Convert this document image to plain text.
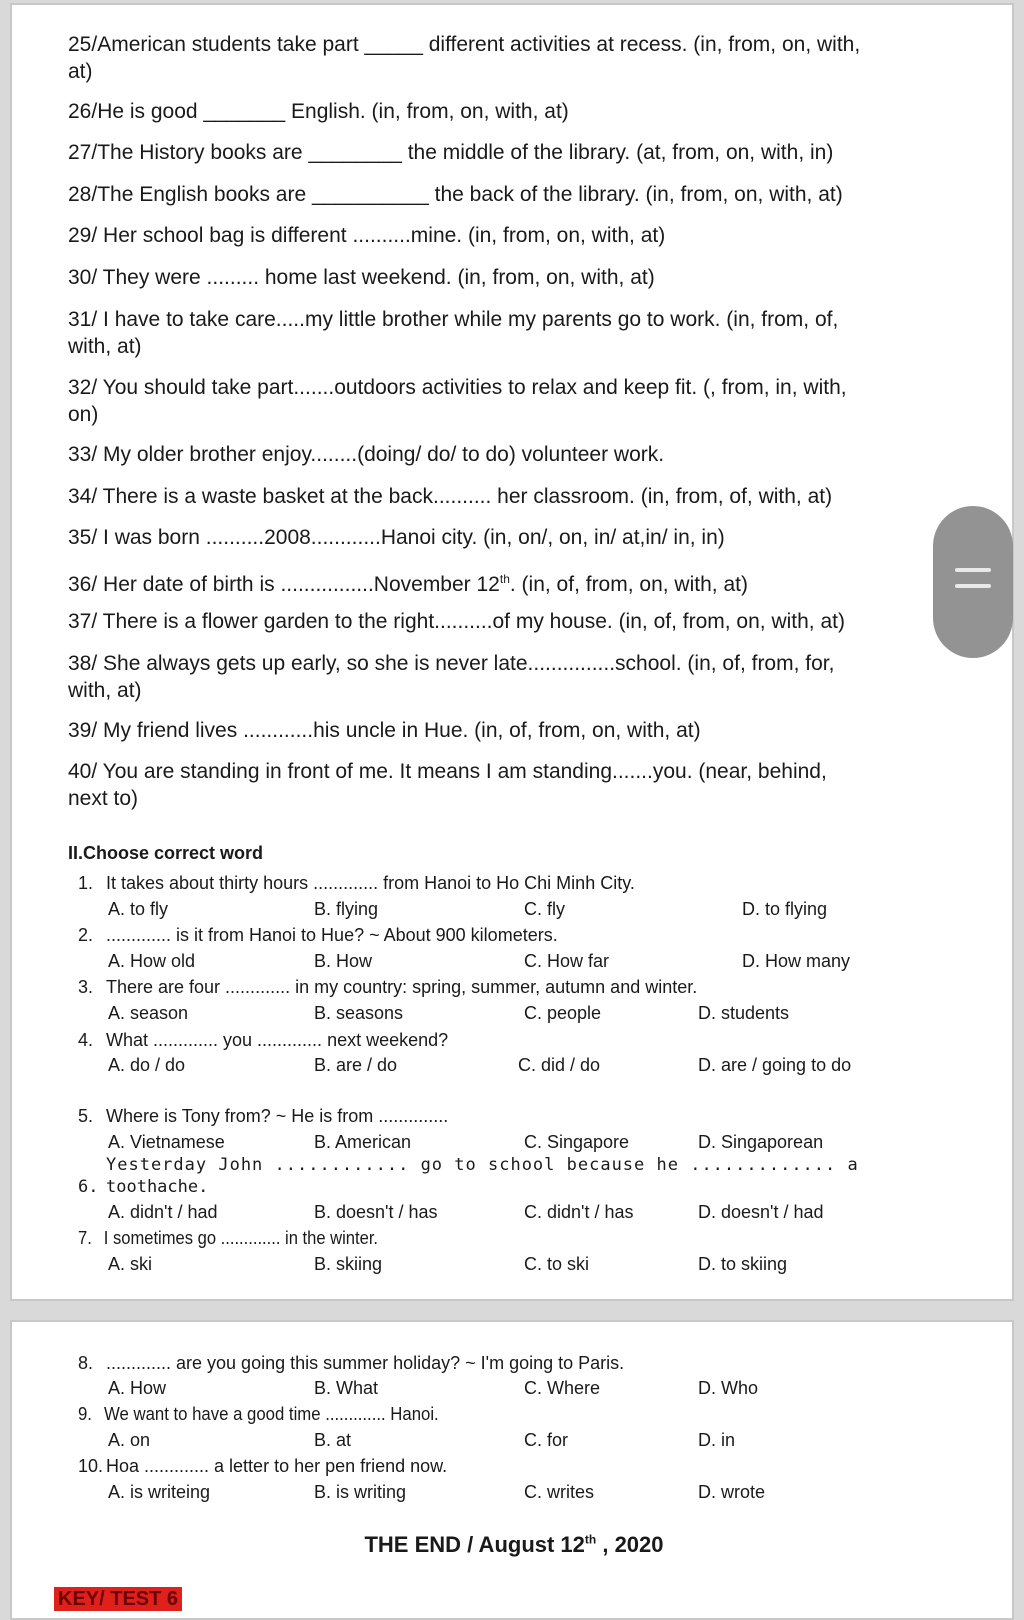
25/American students take part _____ different activities at recess. (in, from, on, with,
at)

26/He is good _______ English. (in, from, on, with, at)

27/The History books are ________ the middle of the library. (at, from, on, with, in)

28/The English books are __________ the back of the library. (in, from, on, with, at)

29/ Her school bag is different ..........mine. (in, from, on, with, at)

30/ They were ......... home last weekend. (in, from, on, with, at)

31/ I have to take care.....my little brother while my parents go to work. (in, from, of,
with, at)

32/ You should take part.......outdoors activities to relax and keep fit. (, from, in, with,
on)

33/ My older brother enjoy........(doing/ do/ to do) volunteer work.

34/ There is a waste basket at the back.......... her classroom. (in, from, of, with, at)

35/ I was born ..........2008............Hanoi city. (in, on/, on, in/ at,in/ in, in)

36/ Her date of birth is ................November 12th. (in, of, from, on, with, at)

37/ There is a flower garden to the right..........of my house. (in, of, from, on, with, at)

38/ She always gets up early, so she is never late...............school. (in, of, from, for,
with, at)

39/ My friend lives ............his uncle in Hue. (in, of, from, on, with, at)

40/ You are standing in front of me. It means I am standing.......you. (near, behind,
next to)

II.Choose correct word

1. It takes about thirty hours ............. from Hanoi to Ho Chi Minh City.

A. to fly	B. flying	C. fly	D. to flying

2. ............. is it from Hanoi to Hue? ~ About 900 kilometers.

A. How old	B. How	C. How far	D. How many

3. There are four ............. in my country: spring, summer, autumn and winter.

A. season	B. seasons	C. people	D. students

4. What ............. you ............. next weekend?

A. do / do	B. are / do	C. did / do	D. are / going to do

5. Where is Tony from? ~ He is from ..............

A. Vietnamese	B. American	C. Singapore	D. Singaporean

Yesterday John ............ go to school because he ............. a

6. toothache.

A. didn't / had	B. doesn't / has	C. didn't / has	D. doesn't / had

7. I sometimes go ............. in the winter.

A. ski	B. skiing	C. to ski	D. to skiing

8. ............. are you going this summer holiday? ~ I'm going to Paris.

A. How	B. What	C. Where	D. Who

9. We want to have a good time ............. Hanoi.

A. on	B. at	C. for	D. in

10. Hoa ............. a letter to her pen friend now.

A. is writeing	B. is writing	C. writes	D. wrote

THE END / August 12th , 2020

KEY/ TEST 6
